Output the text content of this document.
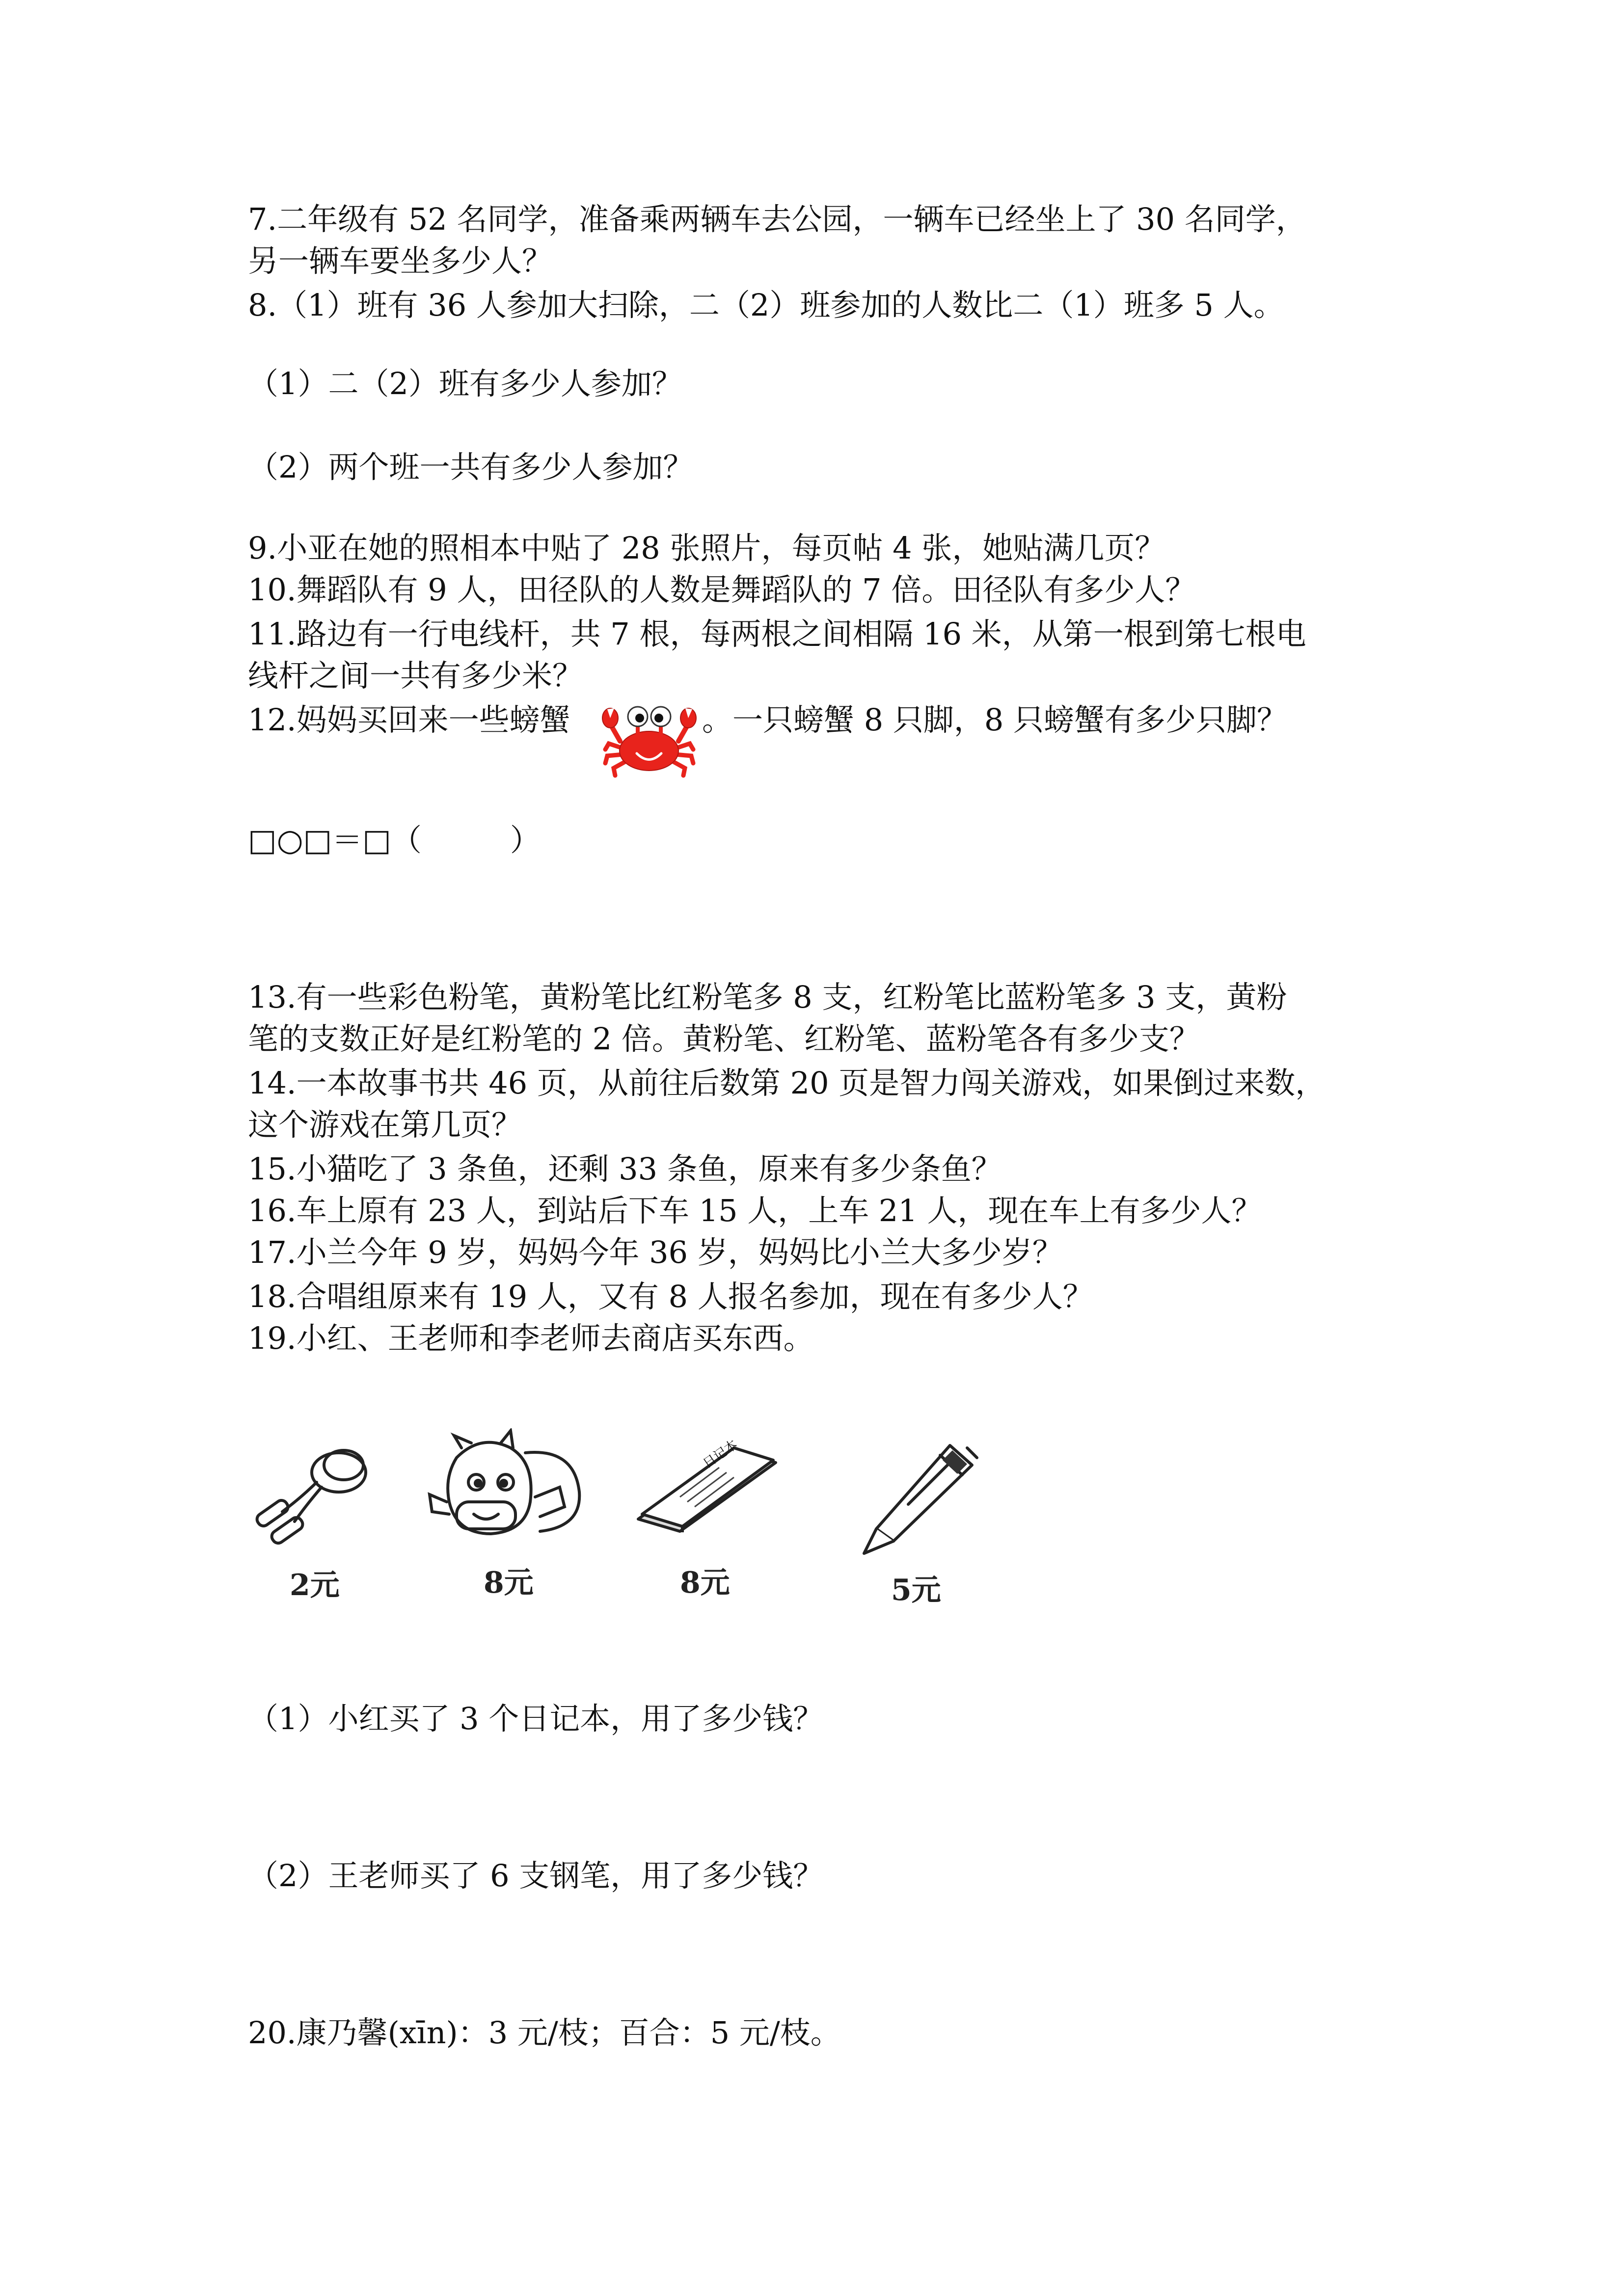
7.二年级有 52 名同学，准备乘两辆车去公园，一辆车已经坐上了 30 名同学，
另一辆车要坐多少人？
8.（1）班有 36 人参加大扫除，二（2）班参加的人数比二（1）班多 5 人。
（1）二（2）班有多少人参加？
（2）两个班一共有多少人参加？
9.小亚在她的照相本中贴了 28 张照片，每页帖 4 张，她贴满几页？
10.舞蹈队有 9 人，田径队的人数是舞蹈队的 7 倍。田径队有多少人？
11.路边有一行电线杆，共 7 根，每两根之间相隔 16 米，从第一根到第七根电
线杆之间一共有多少米？
12.妈妈买回来一些螃蟹	。一只螃蟹 8 只脚，8 只螃蟹有多少只脚？
□○□＝□（	）
13.有一些彩色粉笔，黄粉笔比红粉笔多 8 支，红粉笔比蓝粉笔多 3 支，黄粉
笔的支数正好是红粉笔的 2 倍。黄粉笔、红粉笔、蓝粉笔各有多少支？
14.一本故事书共 46 页，从前往后数第 20 页是智力闯关游戏，如果倒过来数，
这个游戏在第几页？
15.小猫吃了 3 条鱼，还剩 33 条鱼，原来有多少条鱼？
16.车上原有 23 人，到站后下车 15 人，上车 21 人，现在车上有多少人？
17.小兰今年 9 岁，妈妈今年 36 岁，妈妈比小兰大多少岁？
18.合唱组原来有 19 人，又有 8 人报名参加，现在有多少人？
19.小红、王老师和李老师去商店买东西。
2元	8元
日记本
8元	5元
（1）小红买了 3 个日记本，用了多少钱？
（2）王老师买了 6 支钢笔，用了多少钱？
20.康乃馨(xīn)：3 元/枝；百合：5 元/枝。
